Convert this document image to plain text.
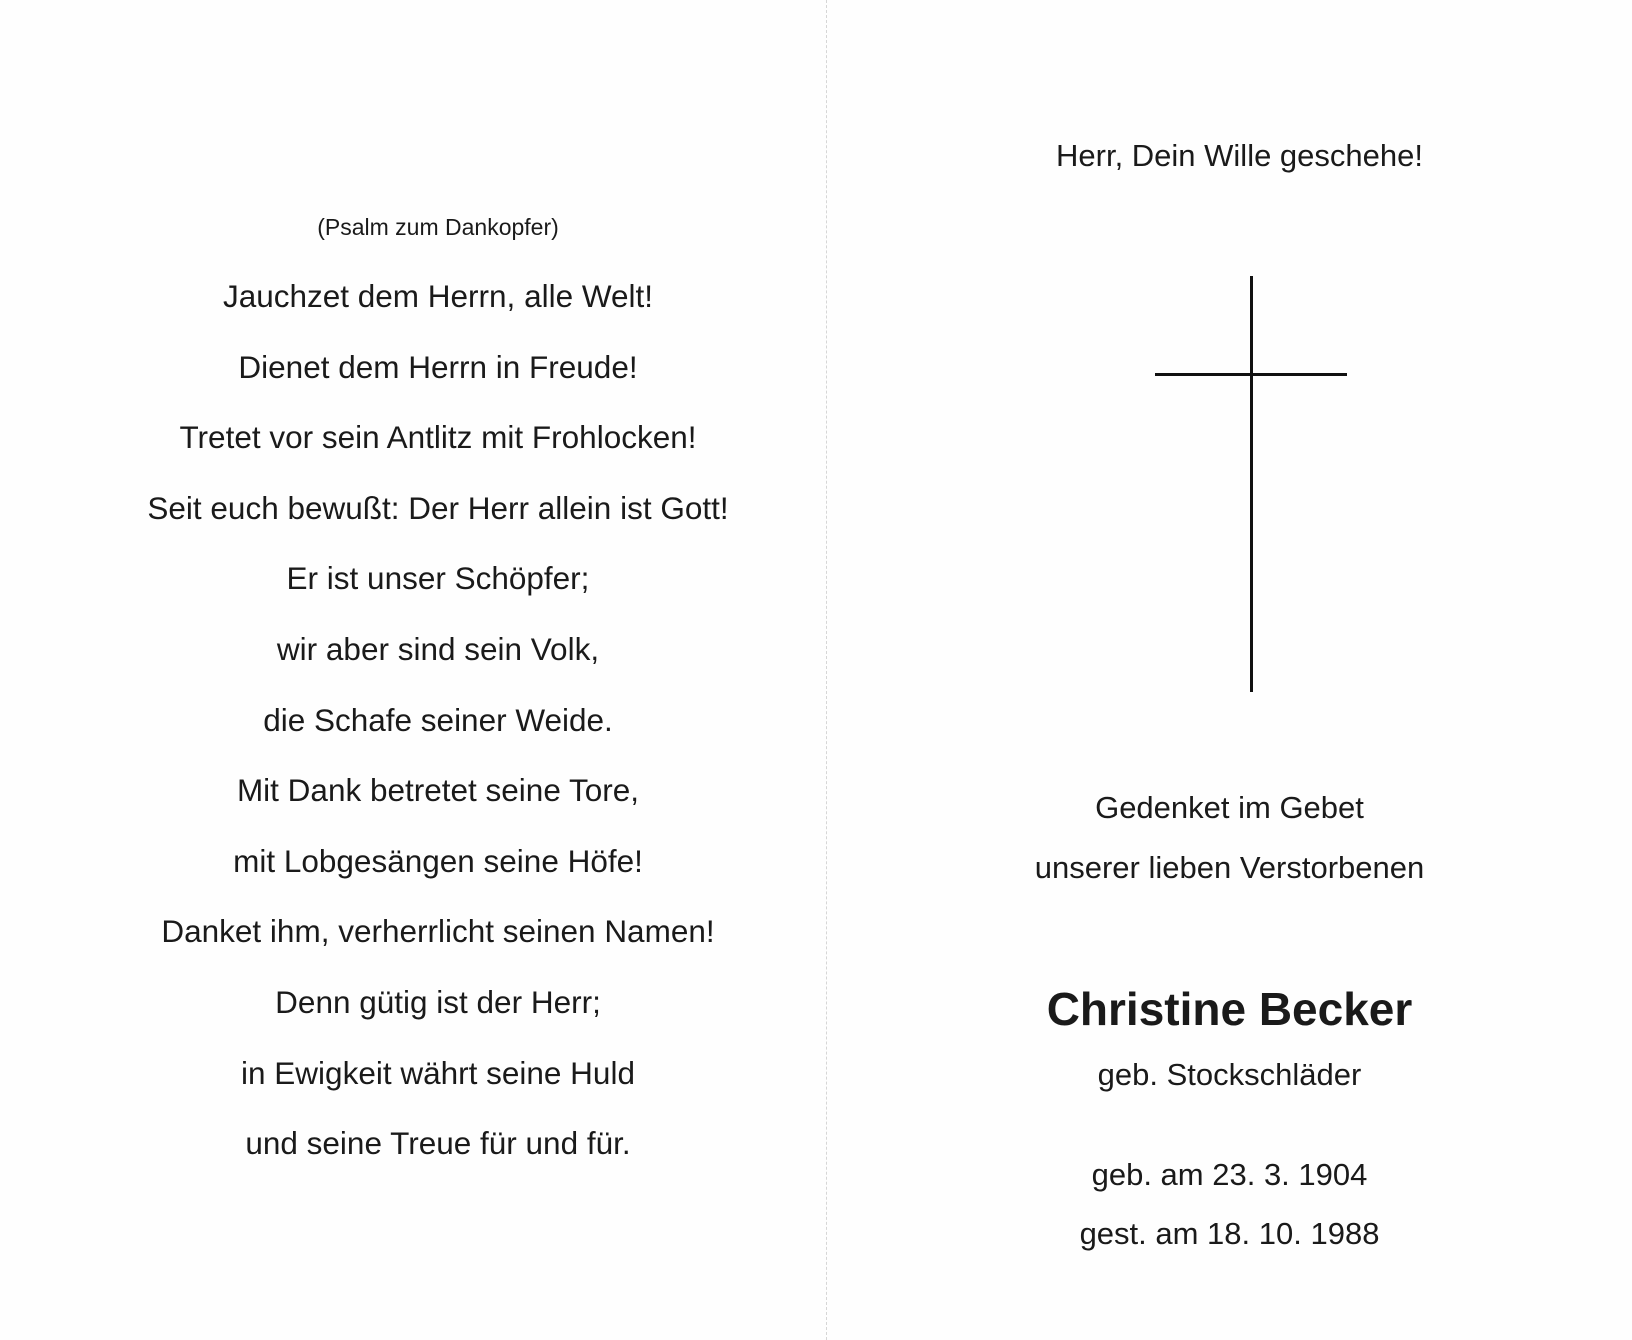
(Psalm zum Dankopfer)
Jauchzet dem Herrn, alle Welt!
Dienet dem Herrn in Freude!
Tretet vor sein Antlitz mit Frohlocken!
Seit euch bewußt: Der Herr allein ist Gott!
Er ist unser Schöpfer;
wir aber sind sein Volk,
die Schafe seiner Weide.
Mit Dank betretet seine Tore,
mit Lobgesängen seine Höfe!
Danket ihm, verherrlicht seinen Namen!
Denn gütig ist der Herr;
in Ewigkeit währt seine Huld
und seine Treue für und für.
Herr, Dein Wille geschehe!
Gedenket im Gebet
unserer lieben Verstorbenen
Christine Becker
geb. Stockschläder
geb. am 23. 3. 1904
gest. am 18. 10. 1988
